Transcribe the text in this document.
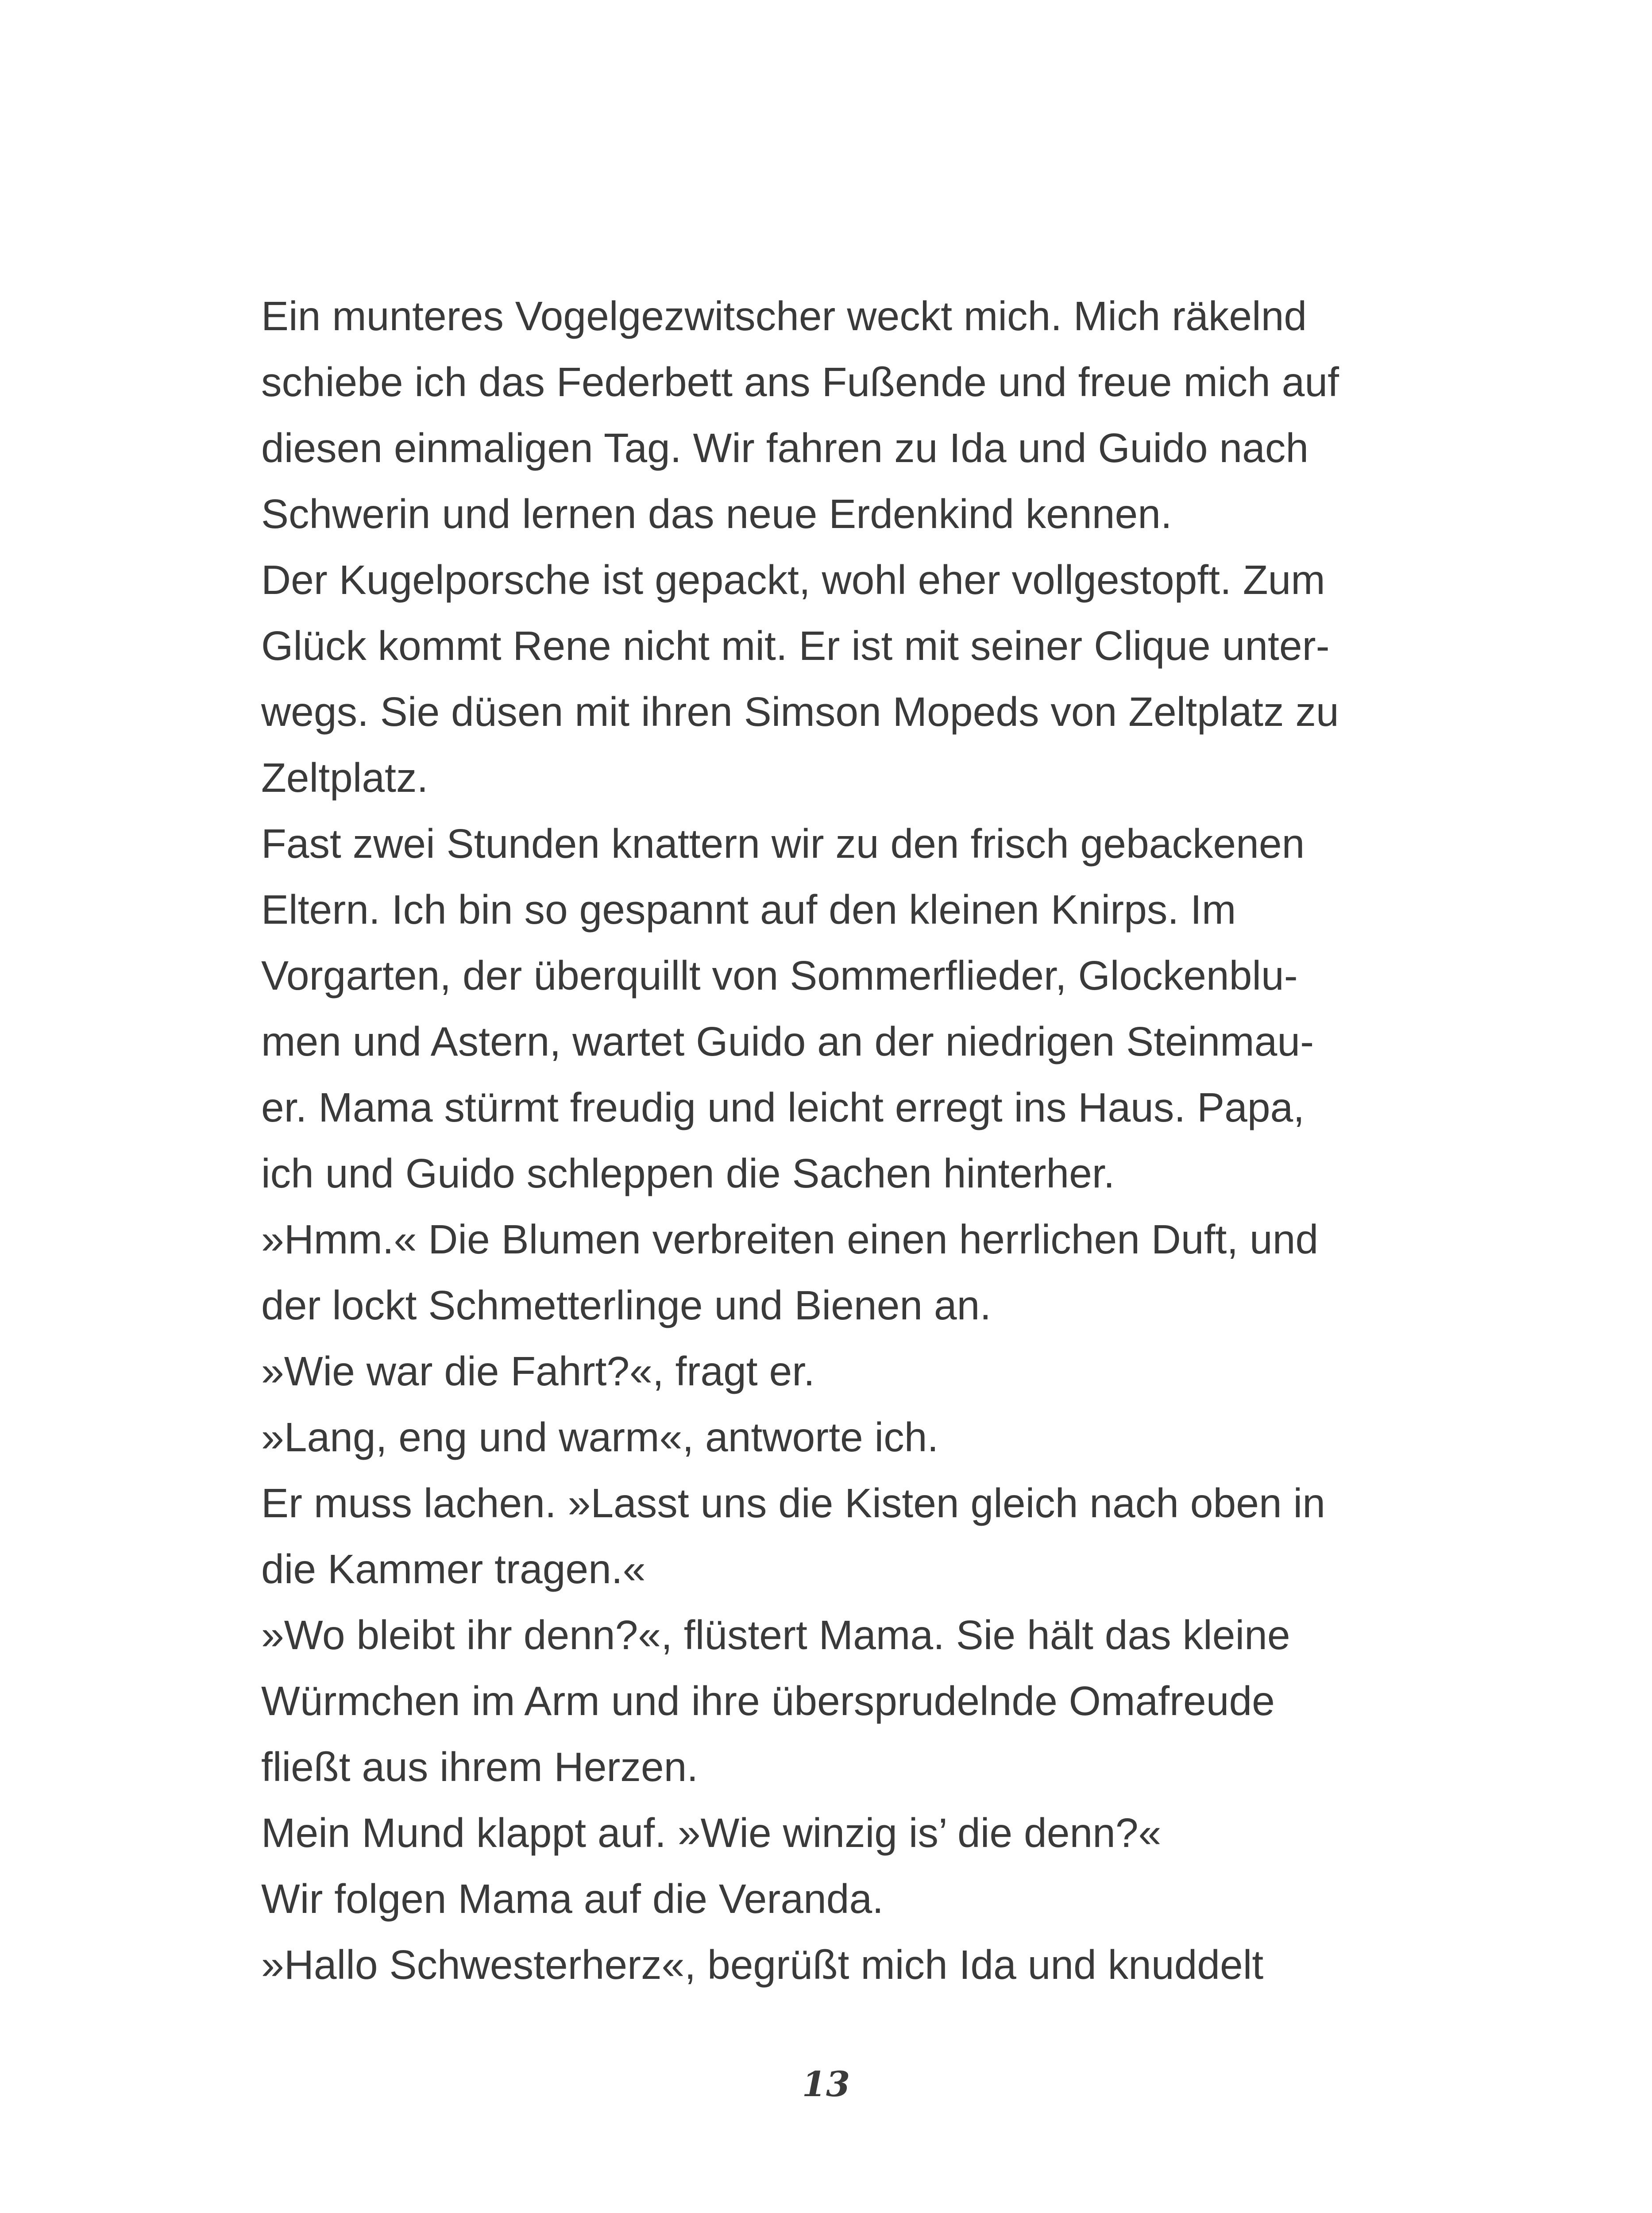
Ein munteres Vogelgezwitscher weckt mich. Mich räkelnd
schiebe ich das Federbett ans Fußende und freue mich auf
diesen einmaligen Tag. Wir fahren zu Ida und Guido nach
Schwerin und lernen das neue Erdenkind kennen.
Der Kugelporsche ist gepackt, wohl eher vollgestopft. Zum
Glück kommt Rene nicht mit. Er ist mit seiner Clique unter-
wegs. Sie düsen mit ihren Simson Mopeds von Zeltplatz zu
Zeltplatz.
Fast zwei Stunden knattern wir zu den frisch gebackenen
Eltern. Ich bin so gespannt auf den kleinen Knirps. Im
Vorgarten, der überquillt von Sommerflieder, Glockenblu-
men und Astern, wartet Guido an der niedrigen Steinmau-
er. Mama stürmt freudig und leicht erregt ins Haus. Papa,
ich und Guido schleppen die Sachen hinterher.
»Hmm.« Die Blumen verbreiten einen herrlichen Duft, und
der lockt Schmetterlinge und Bienen an.
»Wie war die Fahrt?«, fragt er.
»Lang, eng und warm«, antworte ich.
Er muss lachen. »Lasst uns die Kisten gleich nach oben in
die Kammer tragen.«
»Wo bleibt ihr denn?«, flüstert Mama. Sie hält das kleine
Würmchen im Arm und ihre übersprudelnde Omafreude
fließt aus ihrem Herzen.
Mein Mund klappt auf. »Wie winzig is’ die denn?«
Wir folgen Mama auf die Veranda.
»Hallo Schwesterherz«, begrüßt mich Ida und knuddelt
13
